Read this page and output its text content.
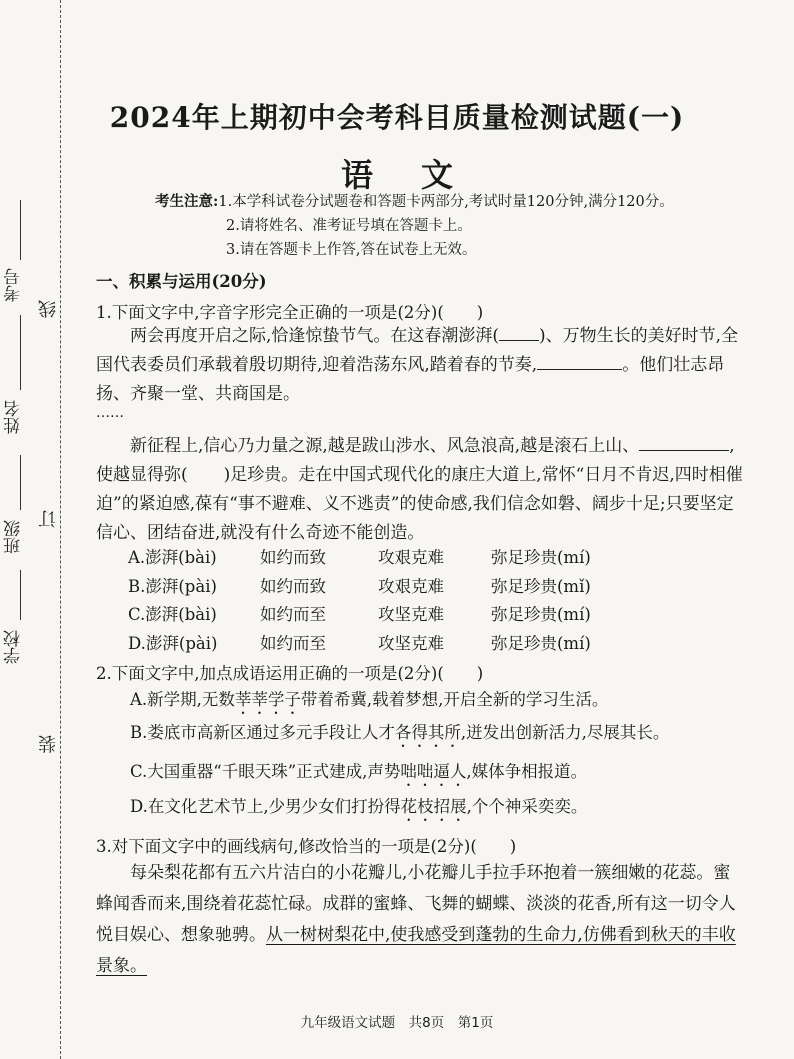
考号
姓名
班级
学校
线
订
装
2024年上期初中会考科目质量检测试题(一)
语文
考生注意:1.本学科试卷分试题卷和答题卡两部分,考试时量120分钟,满分120分。
2.请将姓名、准考证号填在答题卡上。
3.请在答题卡上作答,答在试卷上无效。
一、积累与运用(20分)
1.下面文字中,字音字形完全正确的一项是(2分)(　　)
两会再度开启之际,恰逢惊蛰节气。在这春潮澎湃( )、万物生长的美好时节,全国代表委员们承载着殷切期待,迎着浩荡东风,踏着春的节奏,	。他们壮志昂扬、齐聚一堂、共商国是。
……
新征程上,信心乃力量之源,越是跋山涉水、风急浪高,越是滚石上山、	,使越显得弥( )足珍贵。走在中国式现代化的康庄大道上,常怀“日月不肯迟,四时相催迫”的紧迫感,葆有“事不避难、义不逃责”的使命感,我们信念如磐、阔步十足;只要坚定信心、团结奋进,就没有什么奇迹不能创造。
A.澎湃(bài)	如约而致	攻艰克难	弥足珍贵(mí)
B.澎湃(pài)	如约而致	攻艰克难	弥足珍贵(mǐ)
C.澎湃(bài)	如约而至	攻坚克难	弥足珍贵(mí)
D.澎湃(pài)	如约而至	攻坚克难	弥足珍贵(mí)
2.下面文字中,加点成语运用正确的一项是(2分)(　　)
A.新学期,无数莘莘学子带着希冀,载着梦想,开启全新的学习生活。
B.娄底市高新区通过多元手段让人才各得其所,迸发出创新活力,尽展其长。
C.大国重器“千眼天珠”正式建成,声势咄咄逼人,媒体争相报道。
D.在文化艺术节上,少男少女们打扮得花枝招展,个个神采奕奕。
3.对下面文字中的画线病句,修改恰当的一项是(2分)(　　)
每朵梨花都有五六片洁白的小花瓣儿,小花瓣儿手拉手环抱着一簇细嫩的花蕊。蜜蜂闻香而来,围绕着花蕊忙碌。成群的蜜蜂、飞舞的蝴蝶、淡淡的花香,所有这一切令人悦目娱心、想象驰骋。从一树树梨花中,使我感受到蓬勃的生命力,仿佛看到秋天的丰收景象。
九年级语文试题　共8页　第1页
